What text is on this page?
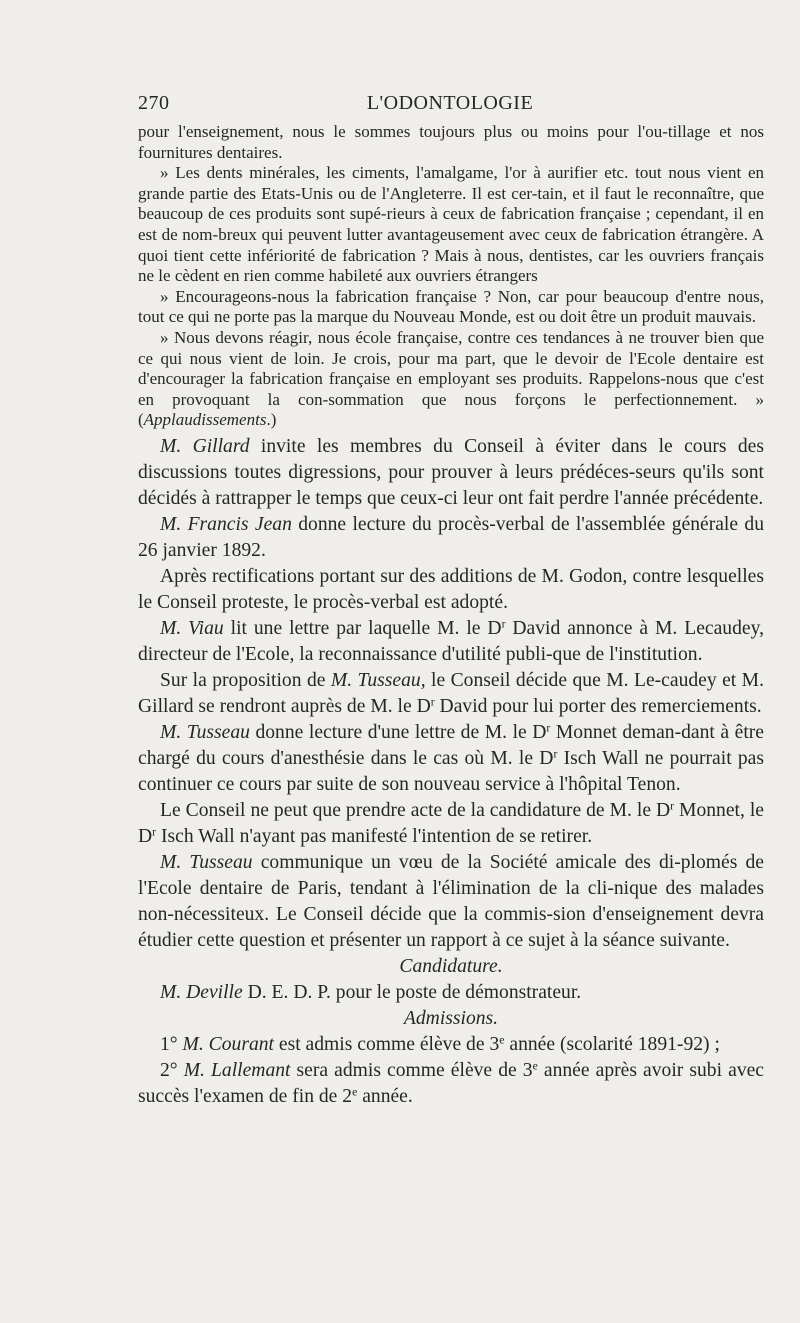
270	L'ODONTOLOGIE

pour l'enseignement, nous le sommes toujours plus ou moins pour l'ou-tillage et nos fournitures dentaires.

» Les dents minérales, les ciments, l'amalgame, l'or à aurifier etc. tout nous vient en grande partie des Etats-Unis ou de l'Angleterre. Il est cer-tain, et il faut le reconnaître, que beaucoup de ces produits sont supé-rieurs à ceux de fabrication française ; cependant, il en est de nom-breux qui peuvent lutter avantageusement avec ceux de fabrication étrangère. A quoi tient cette infériorité de fabrication ? Mais à nous, dentistes, car les ouvriers français ne le cèdent en rien comme habileté aux ouvriers étrangers

» Encourageons-nous la fabrication française ? Non, car pour beaucoup d'entre nous, tout ce qui ne porte pas la marque du Nouveau Monde, est ou doit être un produit mauvais.

» Nous devons réagir, nous école française, contre ces tendances à ne trouver bien que ce qui nous vient de loin. Je crois, pour ma part, que le devoir de l'Ecole dentaire est d'encourager la fabrication française en employant ses produits. Rappelons-nous que c'est en provoquant la con-sommation que nous forçons le perfectionnement. » (Applaudissements.)

M. Gillard invite les membres du Conseil à éviter dans le cours des discussions toutes digressions, pour prouver à leurs prédéces-seurs qu'ils sont décidés à rattrapper le temps que ceux-ci leur ont fait perdre l'année précédente.

M. Francis Jean donne lecture du procès-verbal de l'assemblée générale du 26 janvier 1892.

Après rectifications portant sur des additions de M. Godon, contre lesquelles le Conseil proteste, le procès-verbal est adopté.

M. Viau lit une lettre par laquelle M. le $D^r$ David annonce à M. Lecaudey, directeur de l'Ecole, la reconnaissance d'utilité publi-que de l'institution.

Sur la proposition de M. Tusseau, le Conseil décide que M. Le-caudey et M. Gillard se rendront auprès de M. le $D^r$ David pour lui porter des remerciements.

M. Tusseau donne lecture d'une lettre de M. le $D^r$ Monnet deman-dant à être chargé du cours d'anesthésie dans le cas où M. le $D^r$ Isch Wall ne pourrait pas continuer ce cours par suite de son nouveau service à l'hôpital Tenon.

Le Conseil ne peut que prendre acte de la candidature de M. le $D^r$ Monnet, le $D^r$ Isch Wall n'ayant pas manifesté l'intention de se retirer.

M. Tusseau communique un vœu de la Société amicale des di-plomés de l'Ecole dentaire de Paris, tendant à l'élimination de la cli-nique des malades non-nécessiteux. Le Conseil décide que la commis-sion d'enseignement devra étudier cette question et présenter un rapport à ce sujet à la séance suivante.

Candidature.

M. Deville D. E. D. P. pour le poste de démonstrateur.

Admissions.

1° M. Courant est admis comme élève de 3e année (scolarité 1891-92) ;

2° M. Lallemant sera admis comme élève de 3e année après avoir subi avec succès l'examen de fin de 2e année.
